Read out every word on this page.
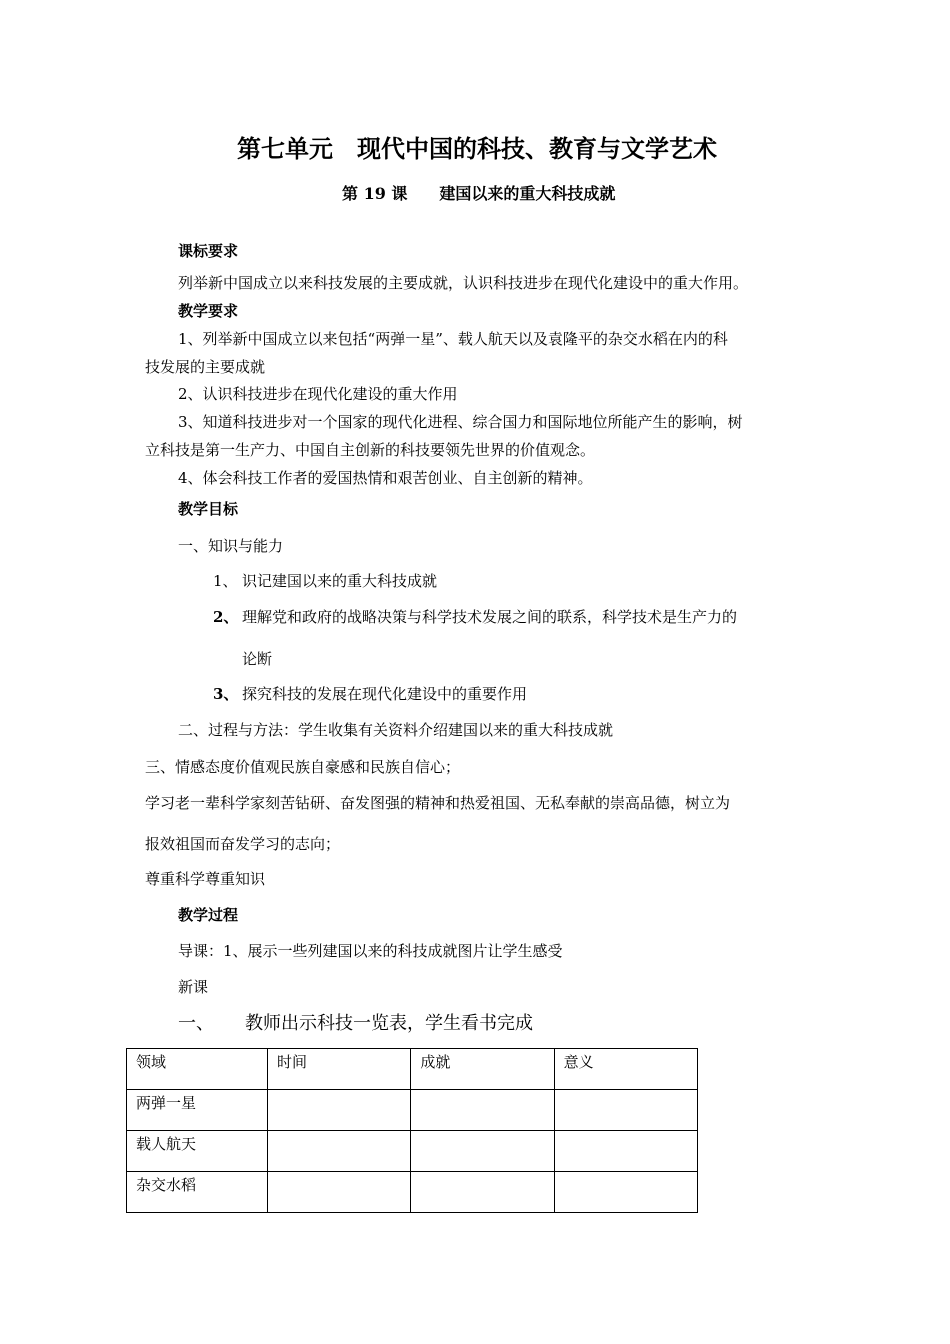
第七单元　现代中国的科技、教育与文学艺术
第 19 课　　建国以来的重大科技成就
课标要求
列举新中国成立以来科技发展的主要成就，认识科技进步在现代化建设中的重大作用。
教学要求
1、列举新中国成立以来包括“两弹一星”、载人航天以及袁隆平的杂交水稻在内的科
技发展的主要成就
2、认识科技进步在现代化建设的重大作用
3、知道科技进步对一个国家的现代化进程、综合国力和国际地位所能产生的影响，树
立科技是第一生产力、中国自主创新的科技要领先世界的价值观念。
4、体会科技工作者的爱国热情和艰苦创业、自主创新的精神。
教学目标
一、知识与能力
1、 识记建国以来的重大科技成就
2、 理解党和政府的战略决策与科学技术发展之间的联系，科学技术是生产力的
论断
3、 探究科技的发展在现代化建设中的重要作用
二、过程与方法：学生收集有关资料介绍建国以来的重大科技成就
三、情感态度价值观民族自豪感和民族自信心；
学习老一辈科学家刻苦钻研、奋发图强的精神和热爱祖国、无私奉献的崇高品德，树立为
报效祖国而奋发学习的志向；
尊重科学尊重知识
教学过程
导课：1、展示一些列建国以来的科技成就图片让学生感受
新课
一、 教师出示科技一览表，学生看书完成
领域	时间	成就	意义
两弹一星			
载人航天			
杂交水稻			
